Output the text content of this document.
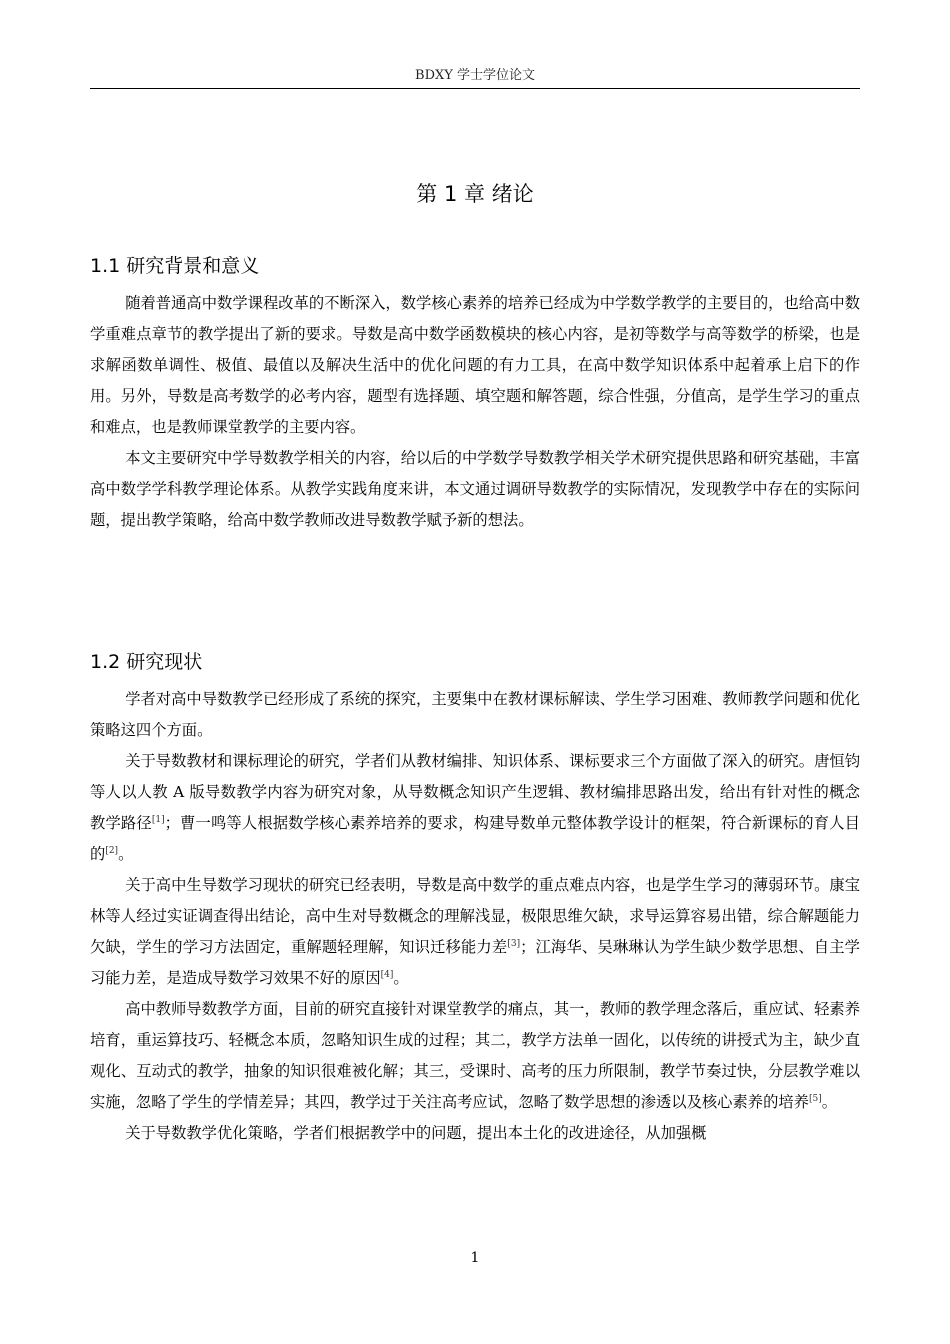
BDXY 学士学位论文
第 1 章 绪论
1.1 研究背景和意义

随着普通高中数学课程改革的不断深入，数学核心素养的培养已经成为中学数学教学的主要目的，也给高中数学重难点章节的教学提出了新的要求。导数是高中数学函数模块的核心内容，是初等数学与高等数学的桥梁，也是求解函数单调性、极值、最值以及解决生活中的优化问题的有力工具，在高中数学知识体系中起着承上启下的作用。另外，导数是高考数学的必考内容，题型有选择题、填空题和解答题，综合性强，分值高，是学生学习的重点和难点，也是教师课堂教学的主要内容。

本文主要研究中学导数教学相关的内容，给以后的中学数学导数教学相关学术研究提供思路和研究基础，丰富高中数学学科教学理论体系。从教学实践角度来讲，本文通过调研导数教学的实际情况，发现教学中存在的实际问题，提出教学策略，给高中数学教师改进导数教学赋予新的想法。

1.2 研究现状

学者对高中导数教学已经形成了系统的探究，主要集中在教材课标解读、学生学习困难、教师教学问题和优化策略这四个方面。

关于导数教材和课标理论的研究，学者们从教材编排、知识体系、课标要求三个方面做了深入的研究。唐恒钧等人以人教 A 版导数教学内容为研究对象，从导数概念知识产生逻辑、教材编排思路出发，给出有针对性的概念教学路径[1]；曹一鸣等人根据数学核心素养培养的要求，构建导数单元整体教学设计的框架，符合新课标的育人目的[2]。

关于高中生导数学习现状的研究已经表明，导数是高中数学的重点难点内容，也是学生学习的薄弱环节。康宝林等人经过实证调查得出结论，高中生对导数概念的理解浅显，极限思维欠缺，求导运算容易出错，综合解题能力欠缺，学生的学习方法固定，重解题轻理解，知识迁移能力差[3]；江海华、吴琳琳认为学生缺少数学思想、自主学习能力差，是造成导数学习效果不好的原因[4]。

高中教师导数教学方面，目前的研究直接针对课堂教学的痛点，其一，教师的教学理念落后，重应试、轻素养培育，重运算技巧、轻概念本质，忽略知识生成的过程；其二，教学方法单一固化，以传统的讲授式为主，缺少直观化、互动式的教学，抽象的知识很难被化解；其三，受课时、高考的压力所限制，教学节奏过快，分层教学难以实施，忽略了学生的学情差异；其四，教学过于关注高考应试，忽略了数学思想的渗透以及核心素养的培养[5]。

关于导数教学优化策略，学者们根据教学中的问题，提出本土化的改进途径，从加强概

1
